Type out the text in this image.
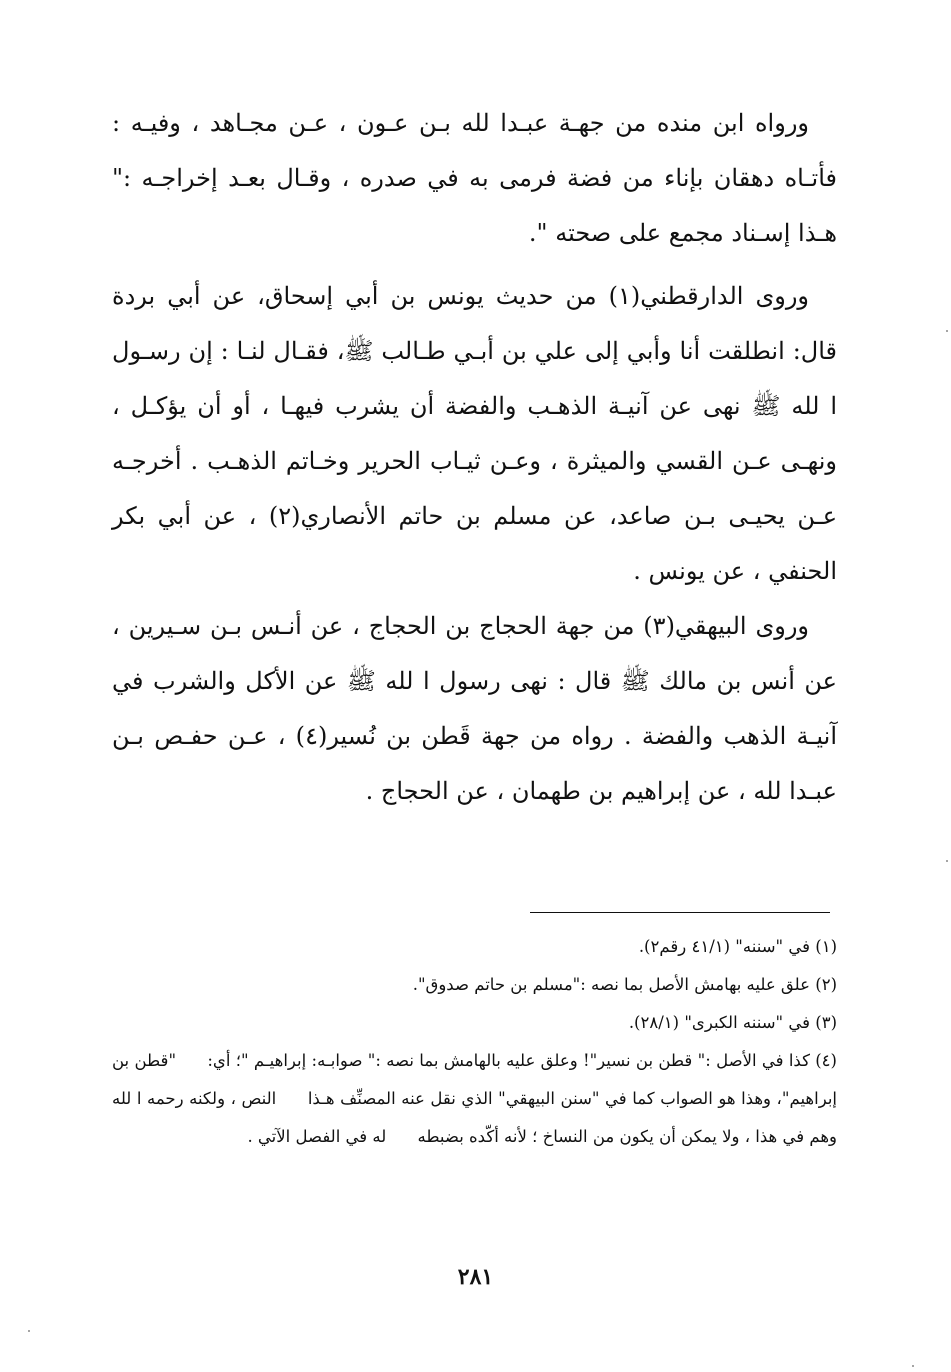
ورواه ابن منده من جهـة عبـدا لله بـن عـون ، عـن مجـاهد ، وفيـه : فأتـاه دهقان بإناء من فضة فرمى به في صدره ، وقـال بعـد إخراجـه :" هـذا إسـناد مجمع على صحته ".

وروى الدارقطني(١) من حديث يونس بن أبي إسحاق، عن أبي بردة قال: انطلقت أنا وأبي إلى علي بن أبـي طـالب ﷺ، فقـال لنـا : إن رسـول ا لله ﷺ نهى عن آنيـة الذهـب والفضة أن يشرب فيهـا ، أو أن يؤكـل ، ونهـى عـن القسي والميثرة ، وعـن ثيـاب الحرير وخـاتم الذهـب . أخرجـه عـن يحيـى بـن صاعد، عن مسلم بن حاتم الأنصاري(٢) ، عن أبي بكر الحنفي ، عن يونس .

وروى البيهقي(٣) من جهة الحجاج بن الحجاج ، عن أنـس بـن سـيرين ، عن أنس بن مالك ﷺ قال : نهى رسول ا لله ﷺ عن الأكل والشرب في آنيـة الذهب والفضة . رواه من جهة قَطن بن نُسير(٤) ، عـن حفـص بـن عبـدا لله ، عن إبراهيم بن طهمان ، عن الحجاج .

(١) في "سننه" (٤١/١ رقم٢).

(٢) علق عليه بهامش الأصل بما نصه :"مسلم بن حاتم صدوق".

(٣) في "سننه الكبرى" (٢٨/١).

(٤) كذا في الأصل :" قطن بن نسير"! وعلق عليه بالهامش بما نصه :" صوابـه: إبراهيـم "؛ أي: "قطن بن إبراهيم"، وهذا هو الصواب كما في "سنن البيهقي" الذي نقل عنه المصنِّف هـذا النص ، ولكنه رحمه ا لله وهم في هذا ، ولا يمكن أن يكون من النساخ ؛ لأنه أكّده بضبطه له في الفصل الآتي .

٢٨١
